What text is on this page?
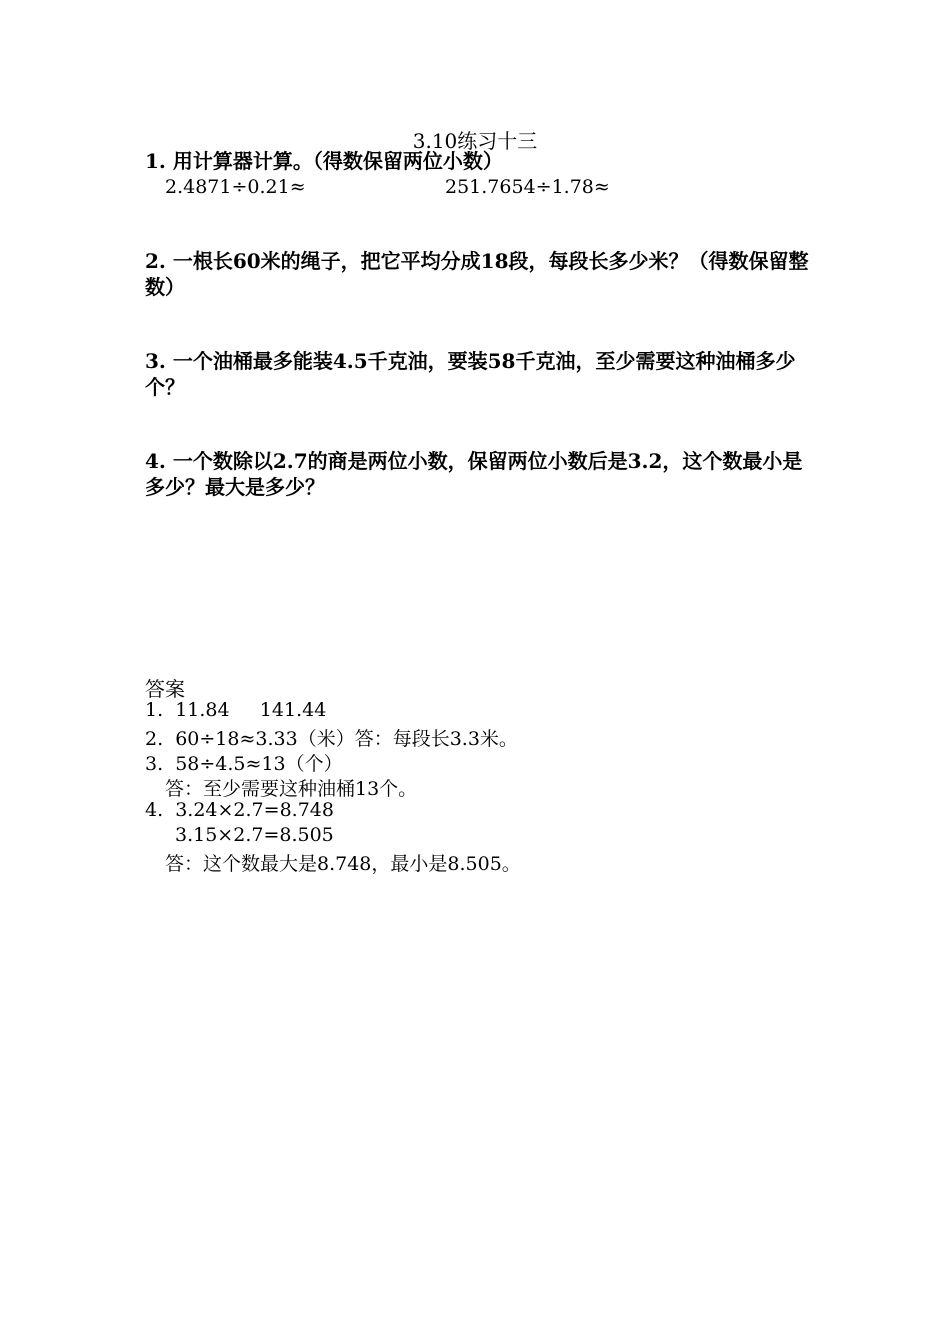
3.10练习十三
1. 用计算器计算。（得数保留两位小数）
2.4871÷0.21≈	251.7654÷1.78≈
2. 一根长60米的绳子，把它平均分成18段，每段长多少米？（得数保留整数）
3. 一个油桶最多能装4.5千克油，要装58千克油，至少需要这种油桶多少个？
4. 一个数除以2.7的商是两位小数，保留两位小数后是3.2，这个数最小是多少？最大是多少？
答案
1.  11.84     141.44
2.  60÷18≈3.33（米）答：每段长3.3米。
3.  58÷4.5≈13（个）
答：至少需要这种油桶13个。
4.  3.24×2.7=8.748
3.15×2.7=8.505
答：这个数最大是8.748，最小是8.505。
